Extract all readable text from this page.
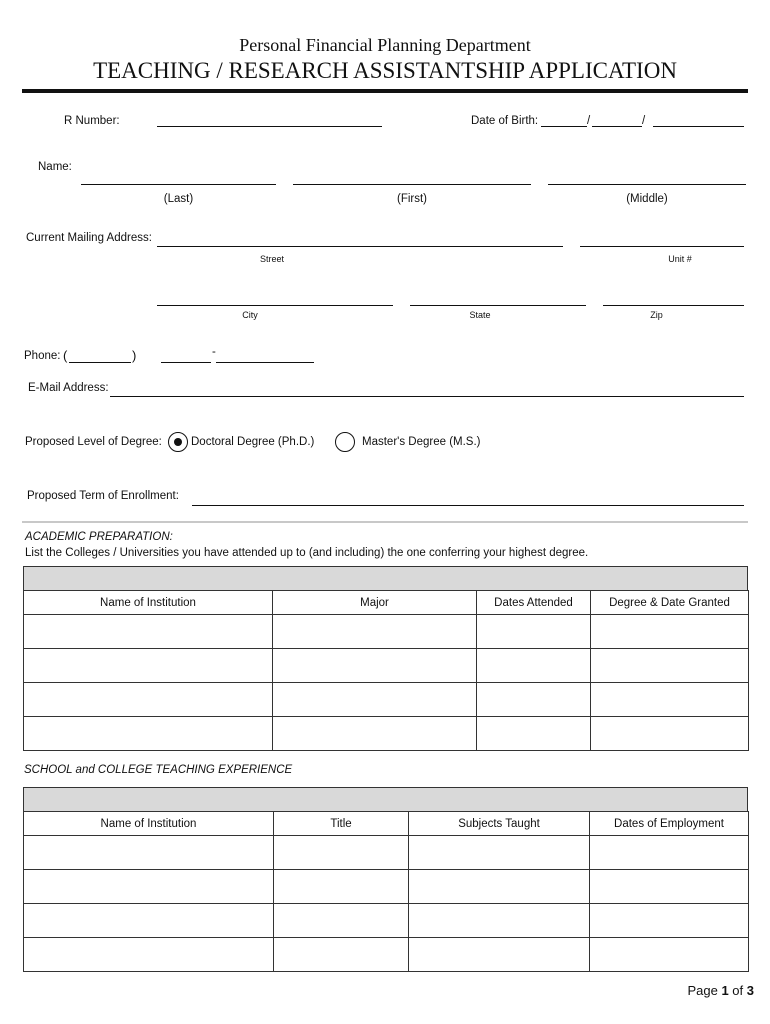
Personal Financial Planning Department
TEACHING / RESEARCH ASSISTANTSHIP APPLICATION
R Number:	Date of Birth:	/	/
Name:
(Last)	(First)	(Middle)
Current Mailing Address:
Street	Unit #
City	State	Zip
Phone: (	)	-
E-Mail Address:
Proposed Level of Degree:	Doctoral Degree (Ph.D.)	Master's Degree (M.S.)
Proposed Term of Enrollment:
ACADEMIC PREPARATION:
List the Colleges / Universities you have attended up to (and including) the one conferring your highest degree.
Name of Institution	Major	Dates Attended	Degree & Date Granted

SCHOOL and COLLEGE TEACHING EXPERIENCE
Name of Institution	Title	Subjects Taught	Dates of Employment

Page 1 of 3
